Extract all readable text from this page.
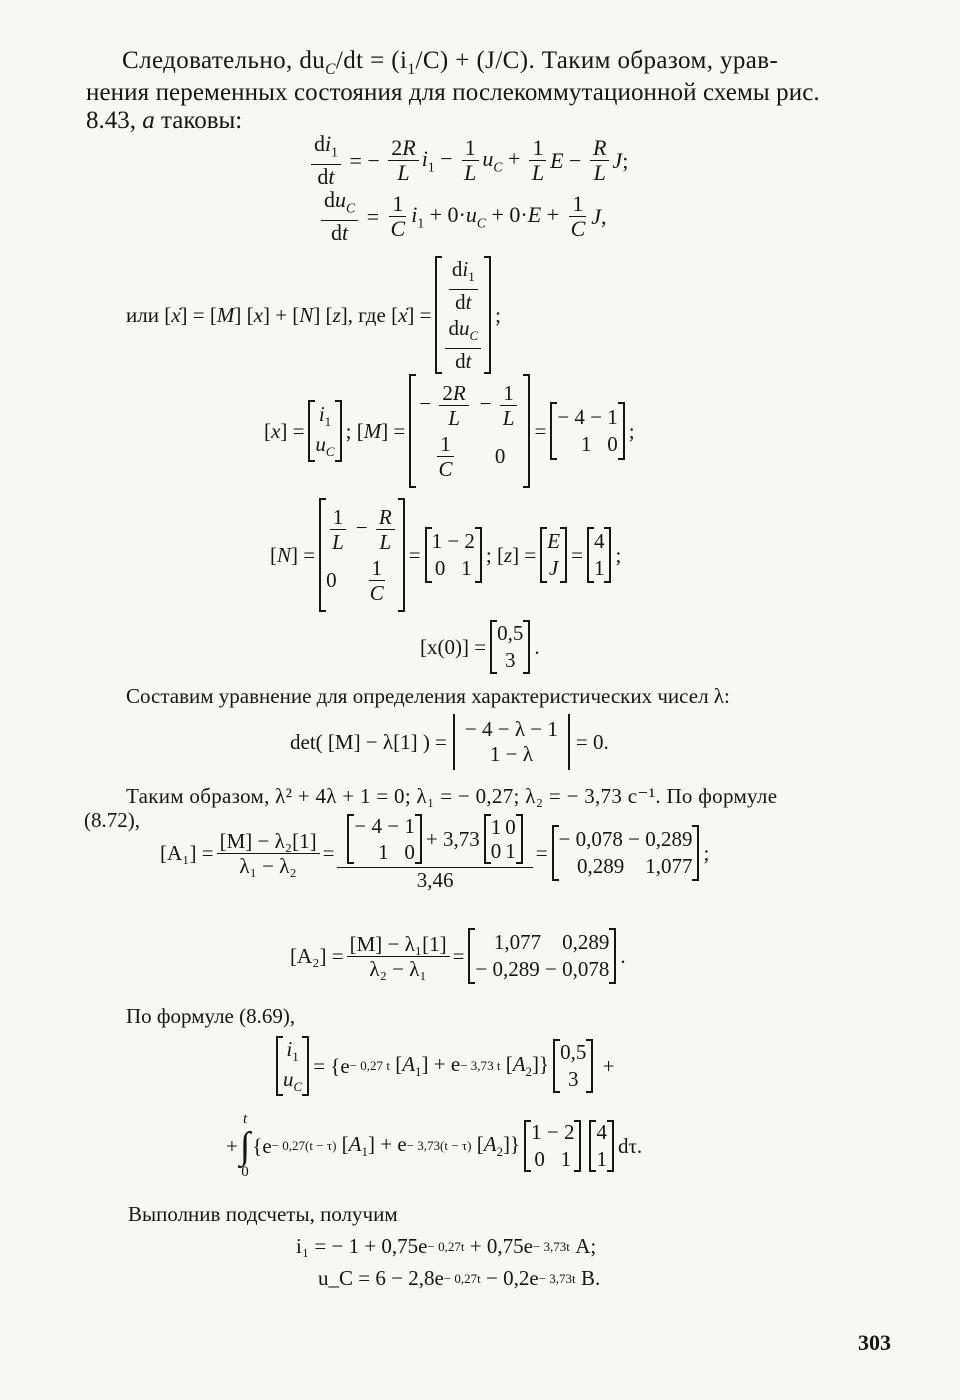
Следовательно, $du_C/dt = (i_1/C) + (J/C)$. Таким образом, урав-
нения переменных состояния для послекоммутационной схемы рис.
8.43, a таковы:
$\frac{di_1}{dt}$ = − $\frac{2R}{L} i_1 - \frac{1}{L} u_C + \frac{1}{L}$ $E - \frac{R}{L} J$;
$\frac{du_C}{dt} = \frac{1}{C} i_1 + 0\cdot u_C + 0\cdot E + \frac{1}{C} J$,
или [ẋ] = [M] [x] + [N] [z], где [ẋ] =
$\frac{di_1}{dt}$
$\frac{du_C}{dt}$
;
[x] =
$i_1$
$u_C$
; [M] =
− $\frac{2R}{L} - \frac{1}{L}$
$\frac{1}{C} 0$
=
− 4 − 1
1   0
;
[N] =
$\frac{1}{L} - \frac{R}{L}$
$0 \frac{1}{C}$
=
1 − 2
0   1
; [z] =
E
J
=
4
1
;
[x(0)] =
0,5
3
.
Составим уравнение для определения характеристических чисел λ:
det( [M] − λ[1] ) =
− 4 − λ − 1
1 − λ
= 0.
Таким образом, λ² + 4λ + 1 = 0; λ₁ = − 0,27; λ₂ = − 3,73 с⁻¹. По формуле
(8.72),
$[A_1] = \frac{\text{[M] − λ₂[1]}}{\text{λ₁ − λ₂}}$ =
− 4 − 1
1   0
+ 3,73 1 0
0 1
3,46
=
− 0,078 − 0,289
0,289    1,077
;
$[A_2] = \frac{\text{[M] − λ₁[1]}}{\text{λ₂ − λ₁}}$ =
1,077    0,289
− 0,289 − 0,078
.
По формуле (8.69),
$i_1$
$u_C$
= {e − 0,27 t $[A_1] + e - 3,73$ t $[A_2]$} 0,5
3
+
+
t
∫
0
{e − 0,27(t − τ) $[A_1] + e - 3,73(t - \tau)$ $[A_2]$} 1 − 2
0   1
4
1
dτ.
Выполнив подсчеты, получим
i₁ = − 1 + 0,75e − 0,27t + 0,75e − 3,73t А;
u_C = 6 − 2,8e − 0,27t − 0,2e − 3,73t В.
303
